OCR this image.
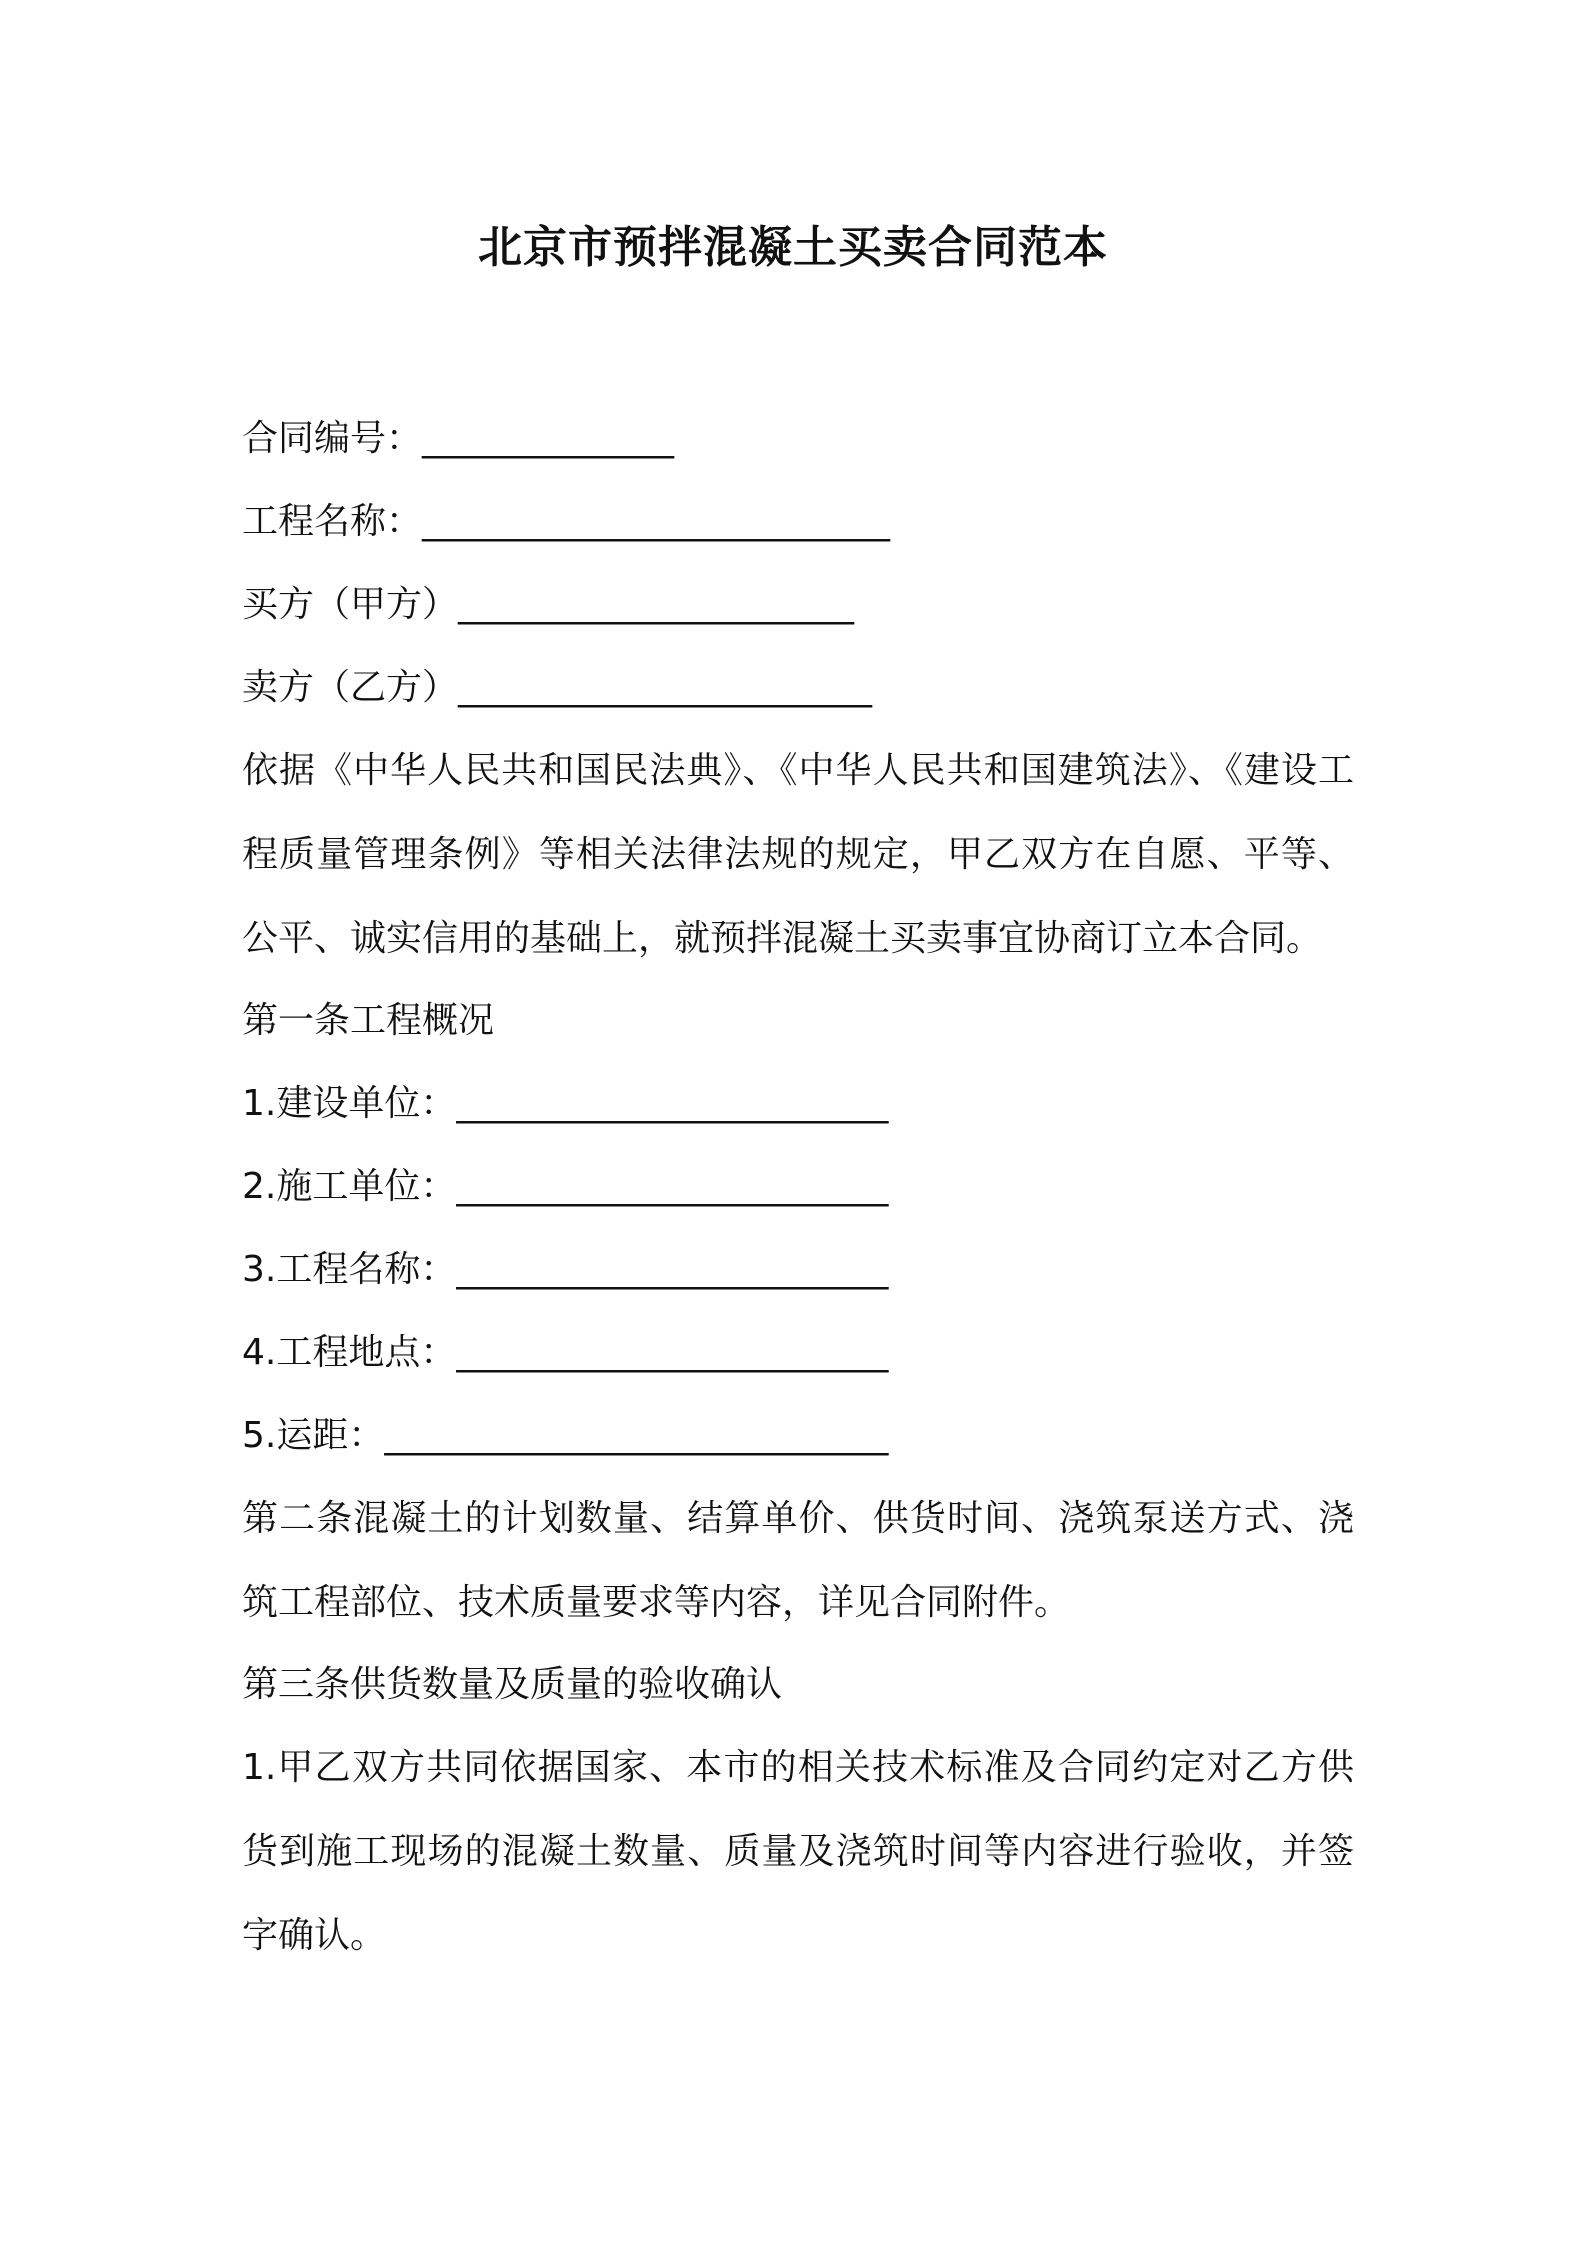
北京市预拌混凝土买卖合同范本
合同编号：______________
工程名称：__________________________
买方（甲方）______________________
卖方（乙方）_______________________
依据《中华人民共和国民法典》、《中华人民共和国建筑法》、《建设工程质量管理条例》等相关法律法规的规定，甲乙双方在自愿、平等、公平、诚实信用的基础上，就预拌混凝土买卖事宜协商订立本合同。
第一条工程概况
1.建设单位：________________________
2.施工单位：________________________
3.工程名称：________________________
4.工程地点：________________________
5.运距：____________________________
第二条混凝土的计划数量、结算单价、供货时间、浇筑泵送方式、浇筑工程部位、技术质量要求等内容，详见合同附件。
第三条供货数量及质量的验收确认
1.甲乙双方共同依据国家、本市的相关技术标准及合同约定对乙方供货到施工现场的混凝土数量、质量及浇筑时间等内容进行验收，并签字确认。
